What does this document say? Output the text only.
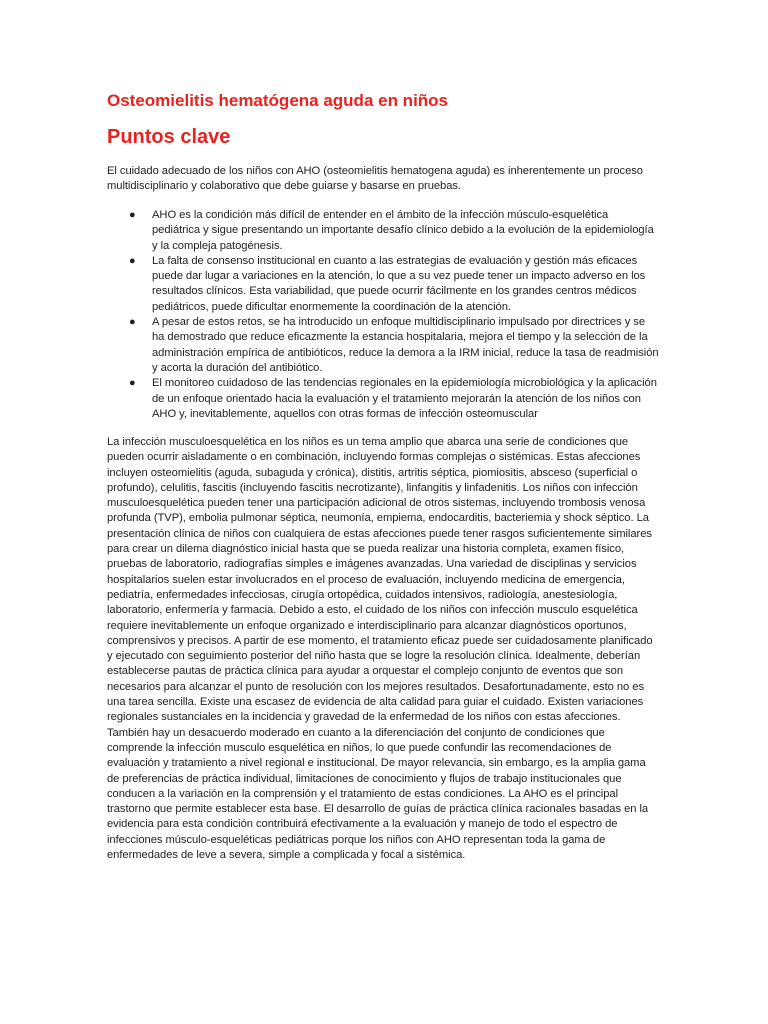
Osteomielitis hematógena aguda en niños
Puntos clave

El cuidado adecuado de los niños con AHO (osteomielitis hematogena aguda) es inherentemente un proceso multidisciplinario y colaborativo que debe guiarse y basarse en pruebas.

● AHO es la condición más difícil de entender en el ámbito de la infección músculo-esquelética pediátrica y sigue presentando un importante desafío clínico debido a la evolución de la epidemiología y la compleja patogénesis.
● La falta de consenso institucional en cuanto a las estrategias de evaluación y gestión más eficaces puede dar lugar a variaciones en la atención, lo que a su vez puede tener un impacto adverso en los resultados clínicos. Esta variabilidad, que puede ocurrir fácilmente en los grandes centros médicos pediátricos, puede dificultar enormemente la coordinación de la atención.
● A pesar de estos retos, se ha introducido un enfoque multidisciplinario impulsado por directrices y se ha demostrado que reduce eficazmente la estancia hospitalaria, mejora el tiempo y la selección de la administración empírica de antibióticos, reduce la demora a la IRM inicial, reduce la tasa de readmisión y acorta la duración del antibiótico.
● El monitoreo cuidadoso de las tendencias regionales en la epidemiología microbiológica y la aplicación de un enfoque orientado hacia la evaluación y el tratamiento mejorarán la atención de los niños con AHO y, inevitablemente, aquellos con otras formas de infección osteomuscular

La infección musculoesquelética en los niños es un tema amplio que abarca una serie de condiciones que pueden ocurrir aisladamente o en combinación, incluyendo formas complejas o sistémicas. Estas afecciones incluyen osteomielitis (aguda, subaguda y crónica), distitis, artritis séptica, piomiositis, absceso (superficial o profundo), celulitis, fascitis (incluyendo fascitis necrotizante), linfangitis y linfadenitis. Los niños con infección musculoesquelética pueden tener una participación adicional de otros sistemas, incluyendo trombosis venosa profunda (TVP), embolia pulmonar séptica, neumonía, empiema, endocarditis, bacteriemia y shock séptico. La presentación clínica de niños con cualquiera de estas afecciones puede tener rasgos suficientemente similares para crear un dilema diagnóstico inicial hasta que se pueda realizar una historia completa, examen físico, pruebas de laboratorio, radiografías simples e imágenes avanzadas. Una variedad de disciplinas y servicios hospitalarios suelen estar involucrados en el proceso de evaluación, incluyendo medicina de emergencia, pediatría, enfermedades infecciosas, cirugía ortopédica, cuidados intensivos, radiología, anestesiología, laboratorio, enfermería y farmacia. Debido a esto, el cuidado de los niños con infección musculo esquelética requiere inevitablemente un enfoque organizado e interdisciplinario para alcanzar diagnósticos oportunos, comprensivos y precisos. A partir de ese momento, el tratamiento eficaz puede ser cuidadosamente planificado y ejecutado con seguimiento posterior del niño hasta que se logre la resolución clínica. Idealmente, deberían establecerse pautas de práctica clínica para ayudar a orquestar el complejo conjunto de eventos que son necesarios para alcanzar el punto de resolución con los mejores resultados. Desafortunadamente, esto no es una tarea sencilla. Existe una escasez de evidencia de alta calidad para guiar el cuidado. Existen variaciones regionales sustanciales en la incidencia y gravedad de la enfermedad de los niños con estas afecciones. También hay un desacuerdo moderado en cuanto a la diferenciación del conjunto de condiciones que comprende la infección musculo esquelética en niños, lo que puede confundir las recomendaciones de evaluación y tratamiento a nivel regional e institucional. De mayor relevancia, sin embargo, es la amplia gama de preferencias de práctica individual, limitaciones de conocimiento y flujos de trabajo institucionales que conducen a la variación en la comprensión y el tratamiento de estas condiciones. La AHO es el principal trastorno que permite establecer esta base. El desarrollo de guías de práctica clínica racionales basadas en la evidencia para esta condición contribuirá efectivamente a la evaluación y manejo de todo el espectro de infecciones músculo-esqueléticas pediátricas porque los niños con AHO representan toda la gama de enfermedades de leve a severa, simple a complicada y focal a sistémica.
